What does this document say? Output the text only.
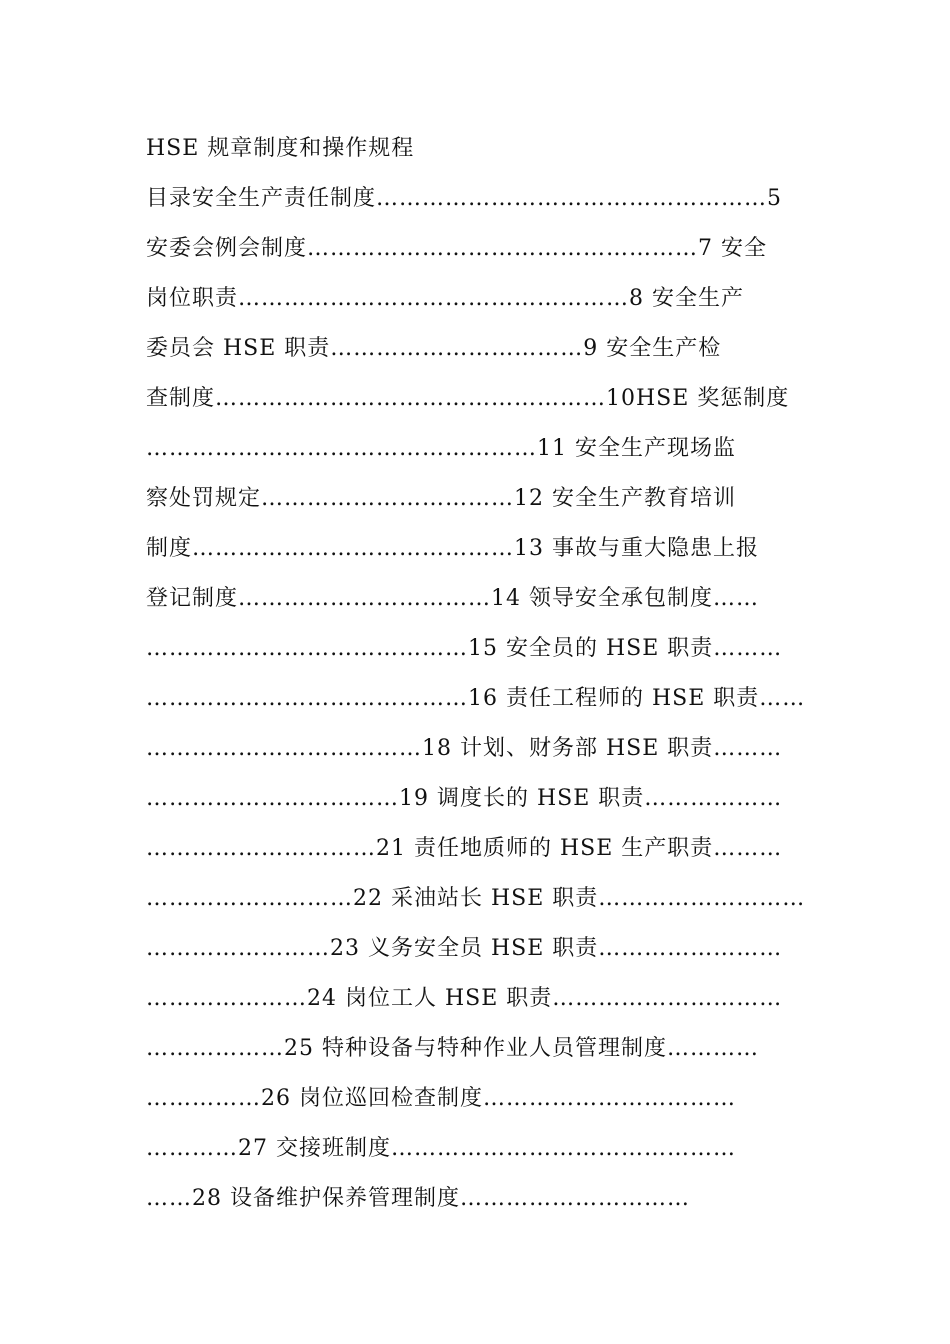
HSE 规章制度和操作规程
目录安全生产责任制度……………………………………………5
安委会例会制度……………………………………………7 安全
岗位职责……………………………………………8 安全生产
委员会 HSE 职责……………………………9 安全生产检
查制度……………………………………………10HSE 奖惩制度
……………………………………………11 安全生产现场监
察处罚规定……………………………12 安全生产教育培训
制度……………………………………13 事故与重大隐患上报
登记制度……………………………14 领导安全承包制度……
……………………………………15 安全员的 HSE 职责………
……………………………………16 责任工程师的 HSE 职责……
………………………………18 计划、财务部 HSE 职责………
……………………………19 调度长的 HSE 职责………………
…………………………21 责任地质师的 HSE 生产职责………
………………………22 采油站长 HSE 职责………………………
……………………23 义务安全员 HSE 职责……………………
…………………24 岗位工人 HSE 职责…………………………
………………25 特种设备与特种作业人员管理制度…………
……………26 岗位巡回检查制度……………………………
…………27 交接班制度………………………………………
……28 设备维护保养管理制度…………………………
